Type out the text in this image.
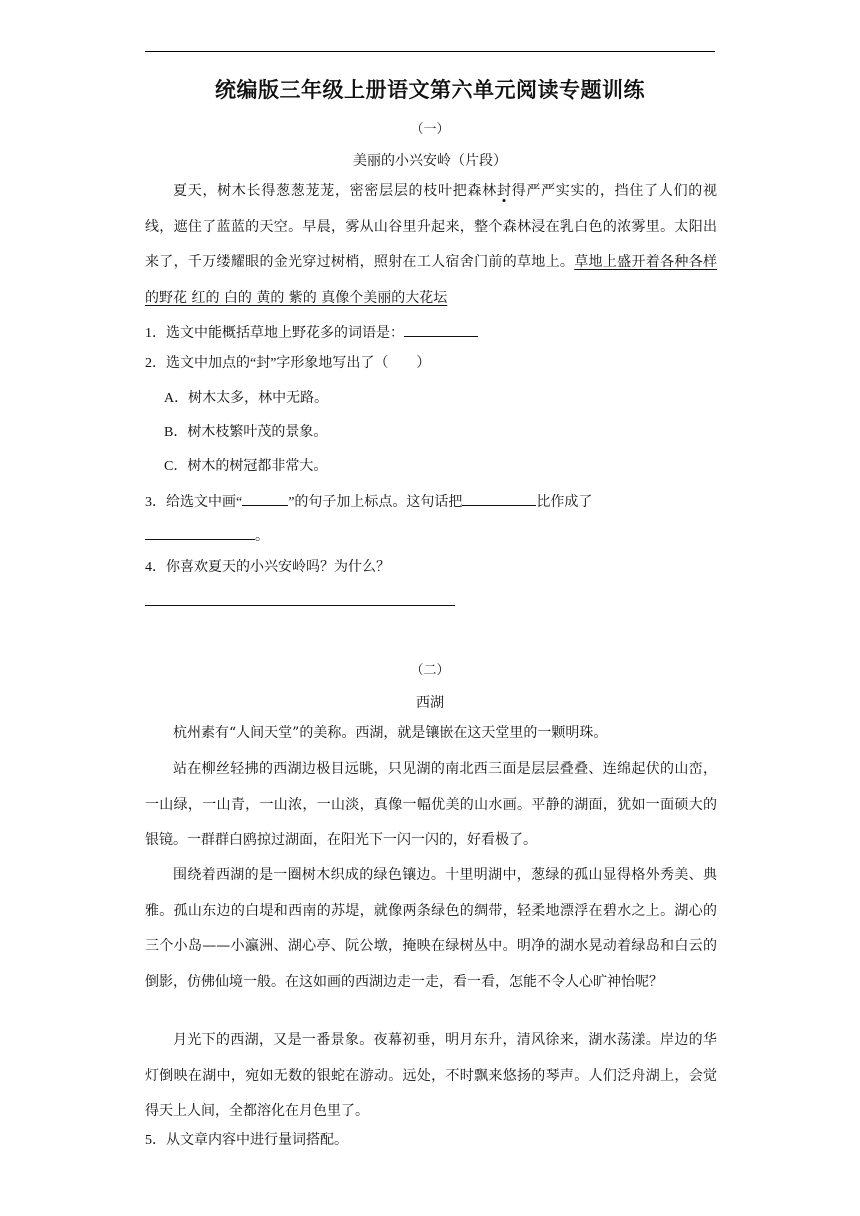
统编版三年级上册语文第六单元阅读专题训练
（一）
美丽的小兴安岭（片段）

夏天，树木长得葱葱茏茏，密密层层的枝叶把森林封得严严实实的，挡住了人们的视线，遮住了蓝蓝的天空。早晨，雾从山谷里升起来，整个森林浸在乳白色的浓雾里。太阳出来了，千万缕耀眼的金光穿过树梢，照射在工人宿舍门前的草地上。草地上盛开着各种各样的野花 红的 白的 黄的 紫的 真像个美丽的大花坛

1．选文中能概括草地上野花多的词语是：
2．选文中加点的“封”字形象地写出了（　　）
A．树木太多，林中无路。
B．树木枝繁叶茂的景象。
C．树木的树冠都非常大。
3．给选文中画“	”的句子加上标点。这句话把	比作成了
。
4．你喜欢夏天的小兴安岭吗？为什么？
（二）
西湖

杭州素有“人间天堂”的美称。西湖，就是镶嵌在这天堂里的一颗明珠。

站在柳丝轻拂的西湖边极目远眺，只见湖的南北西三面是层层叠叠、连绵起伏的山峦，一山绿，一山青，一山浓，一山淡，真像一幅优美的山水画。平静的湖面，犹如一面硕大的银镜。一群群白鸥掠过湖面，在阳光下一闪一闪的，好看极了。

围绕着西湖的是一圈树木织成的绿色镶边。十里明湖中，葱绿的孤山显得格外秀美、典雅。孤山东边的白堤和西南的苏堤，就像两条绿色的绸带，轻柔地漂浮在碧水之上。湖心的三个小岛——小瀛洲、湖心亭、阮公墩，掩映在绿树丛中。明净的湖水晃动着绿岛和白云的倒影，仿佛仙境一般。在这如画的西湖边走一走，看一看，怎能不令人心旷神怡呢？

月光下的西湖，又是一番景象。夜幕初垂，明月东升，清风徐来，湖水荡漾。岸边的华灯倒映在湖中，宛如无数的银蛇在游动。远处，不时飘来悠扬的琴声。人们泛舟湖上，会觉得天上人间，全都溶化在月色里了。

5．从文章内容中进行量词搭配。
